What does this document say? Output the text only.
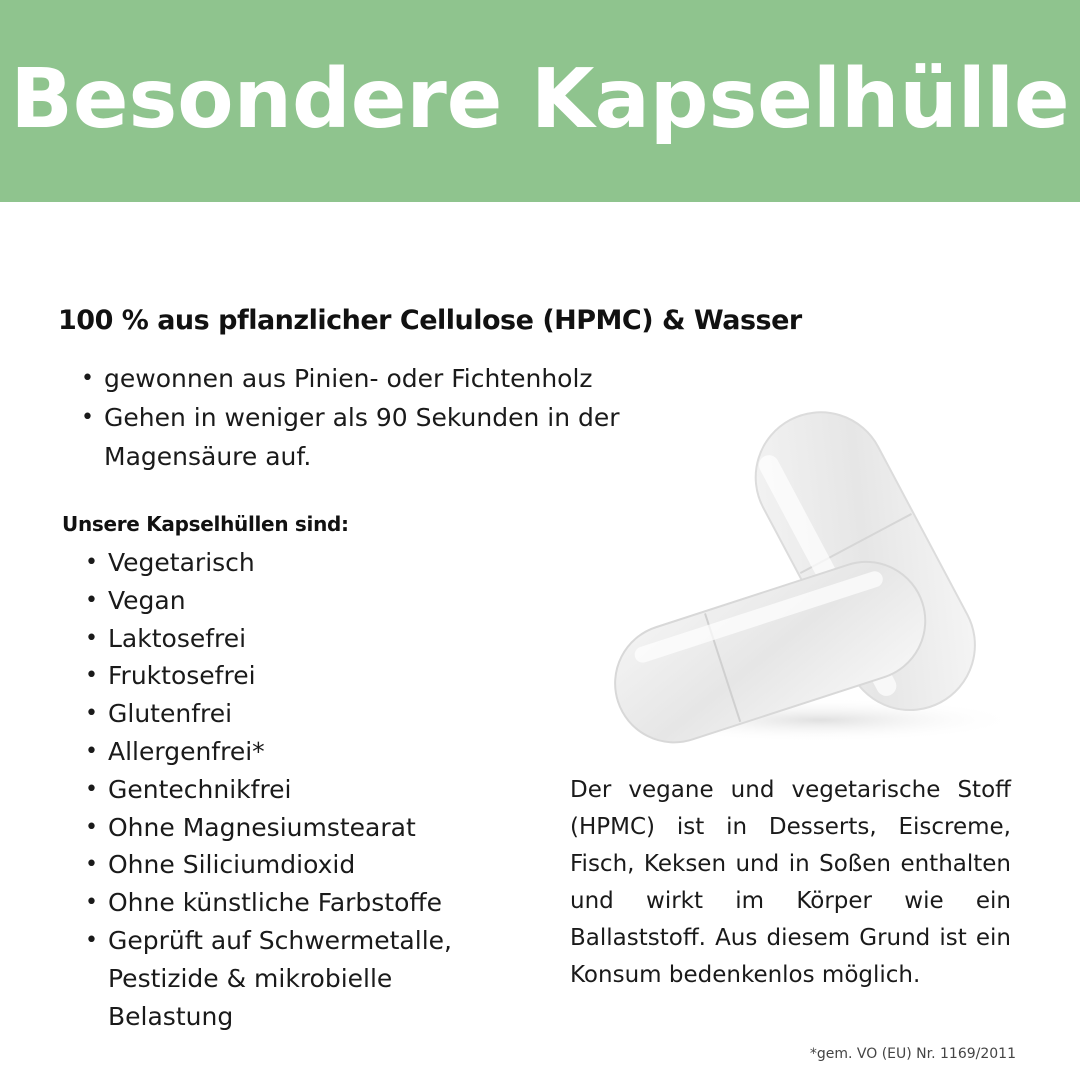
Besondere Kapselhülle
100 % aus pflanzlicher Cellulose (HPMC) & Wasser
• gewonnen aus Pinien- oder Fichtenholz
• Gehen in weniger als 90 Sekunden in der Magensäure auf.
Unsere Kapselhüllen sind:
• Vegetarisch
• Vegan
• Laktosefrei
• Fruktosefrei
• Glutenfrei
• Allergenfrei*
• Gentechnikfrei
• Ohne Magnesiumstearat
• Ohne Siliciumdioxid
• Ohne künstliche Farbstoffe
• Geprüft auf Schwermetalle, Pestizide & mikrobielle Belastung
Der vegane und vegetarische Stoff (HPMC) ist in Desserts, Eiscreme, Fisch, Keksen und in Soßen enthalten und wirkt im Körper wie ein Ballaststoff. Aus diesem Grund ist ein Konsum bedenkenlos möglich.
*gem. VO (EU) Nr. 1169/2011
